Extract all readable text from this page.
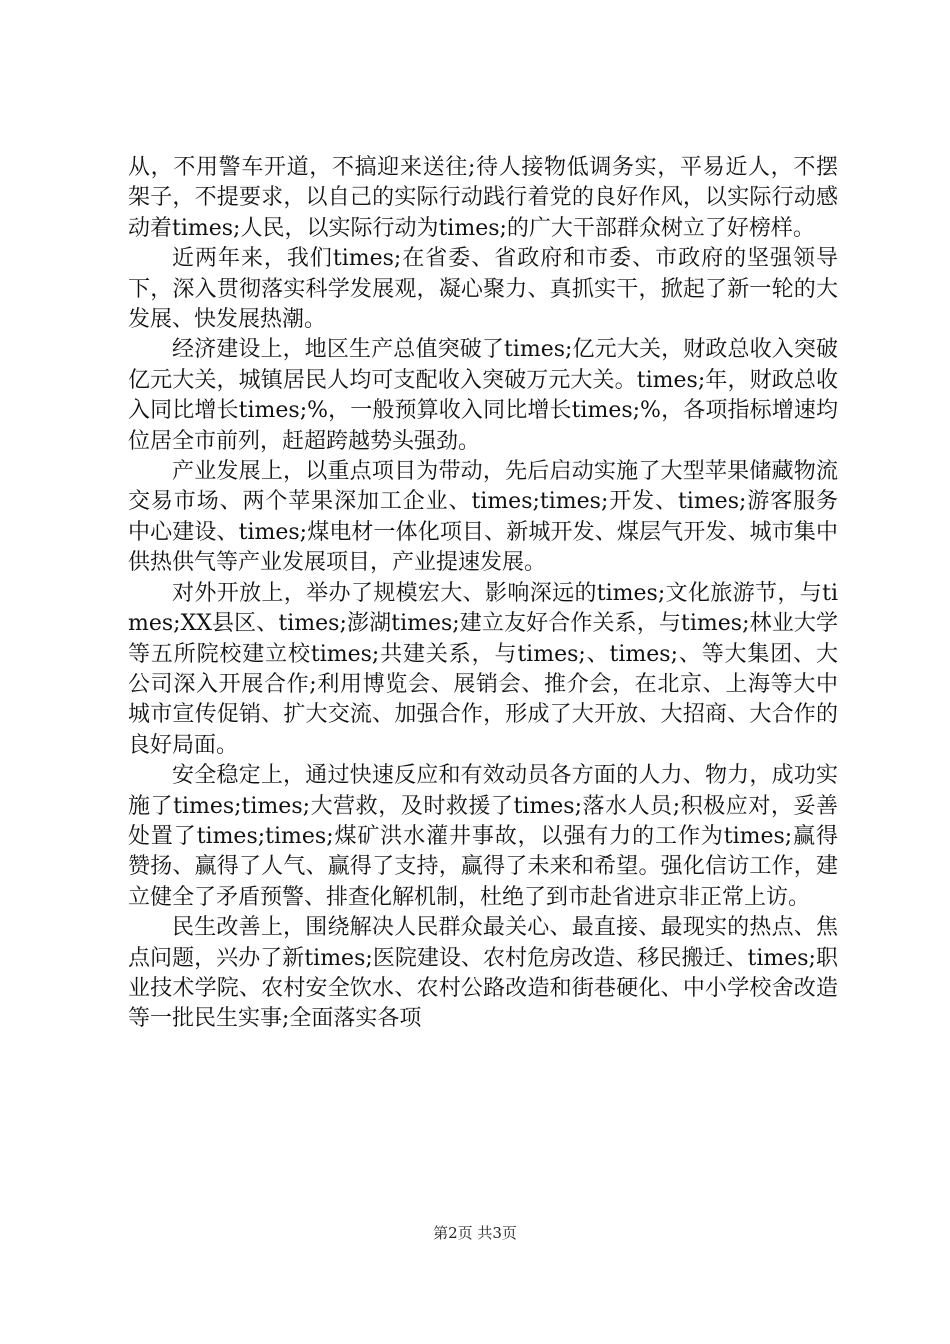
从，不用警车开道，不搞迎来送往;待人接物低调务实，平易近人，不摆架子，不提要求，以自己的实际行动践行着党的良好作风，以实际行动感动着times;人民，以实际行动为times;的广大干部群众树立了好榜样。

近两年来，我们times;在省委、省政府和市委、市政府的坚强领导下，深入贯彻落实科学发展观，凝心聚力、真抓实干，掀起了新一轮的大发展、快发展热潮。

经济建设上，地区生产总值突破了times;亿元大关，财政总收入突破亿元大关，城镇居民人均可支配收入突破万元大关。times;年，财政总收入同比增长times;%，一般预算收入同比增长times;%，各项指标增速均位居全市前列，赶超跨越势头强劲。

产业发展上，以重点项目为带动，先后启动实施了大型苹果储藏物流交易市场、两个苹果深加工企业、times;times;开发、times;游客服务中心建设、times;煤电材一体化项目、新城开发、煤层气开发、城市集中供热供气等产业发展项目，产业提速发展。

对外开放上，举办了规模宏大、影响深远的times;文化旅游节，与times;XX县区、times;澎湖times;建立友好合作关系，与times;林业大学等五所院校建立校times;共建关系，与times;、times;、等大集团、大公司深入开展合作;利用博览会、展销会、推介会，在北京、上海等大中城市宣传促销、扩大交流、加强合作，形成了大开放、大招商、大合作的良好局面。

安全稳定上，通过快速反应和有效动员各方面的人力、物力，成功实施了times;times;大营救，及时救援了times;落水人员;积极应对，妥善处置了times;times;煤矿洪水灌井事故，以强有力的工作为times;赢得赞扬、赢得了人气、赢得了支持，赢得了未来和希望。强化信访工作，建立健全了矛盾预警、排查化解机制，杜绝了到市赴省进京非正常上访。

民生改善上，围绕解决人民群众最关心、最直接、最现实的热点、焦点问题，兴办了新times;医院建设、农村危房改造、移民搬迁、times;职业技术学院、农村安全饮水、农村公路改造和街巷硬化、中小学校舍改造等一批民生实事;全面落实各项

第2页 共3页
